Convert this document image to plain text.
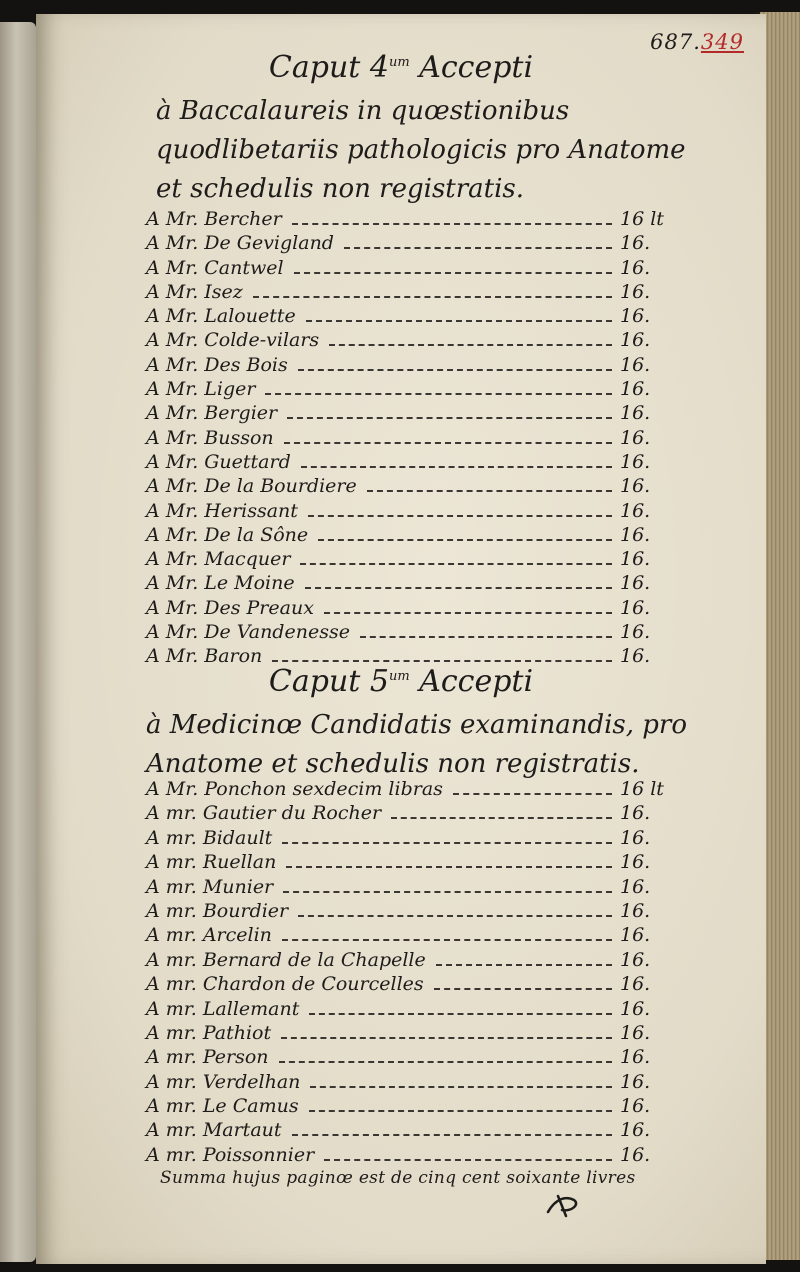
687.349
Caput $4^{um}$ Accepti

à Baccalaureis in quœstionibus quodlibetariis pathologicis pro Anatome et schedulis non registratis.

A Mr. Bercher	16 lt
A Mr. De Gevigland	16.
A Mr. Cantwel	16.
A Mr. Isez	16.
A Mr. Lalouette	16.
A Mr. Colde-vilars	16.
A Mr. Des Bois	16.
A Mr. Liger	16.
A Mr. Bergier	16.
A Mr. Busson	16.
A Mr. Guettard	16.
A Mr. De la Bourdiere	16.
A Mr. Herissant	16.
A Mr. De la Sône	16.
A Mr. Macquer	16.
A Mr. Le Moine	16.
A Mr. Des Preaux	16.
A Mr. De Vandenesse	16.
A Mr. Baron	16.
Caput $5^{um}$ Accepti

à Medicinœ Candidatis examinandis, pro Anatome et schedulis non registratis.

A Mr. Ponchon sexdecim libras	16 lt
A mr. Gautier du Rocher	16.
A mr. Bidault	16.
A mr. Ruellan	16.
A mr. Munier	16.
A mr. Bourdier	16.
A mr. Arcelin	16.
A mr. Bernard de la Chapelle	16.
A mr. Chardon de Courcelles	16.
A mr. Lallemant	16.
A mr. Pathiot	16.
A mr. Person	16.
A mr. Verdelhan	16.
A mr. Le Camus	16.
A mr. Martaut	16.
A mr. Poissonnier	16.
Summa hujus paginœ est de cinq cent soixante livres
